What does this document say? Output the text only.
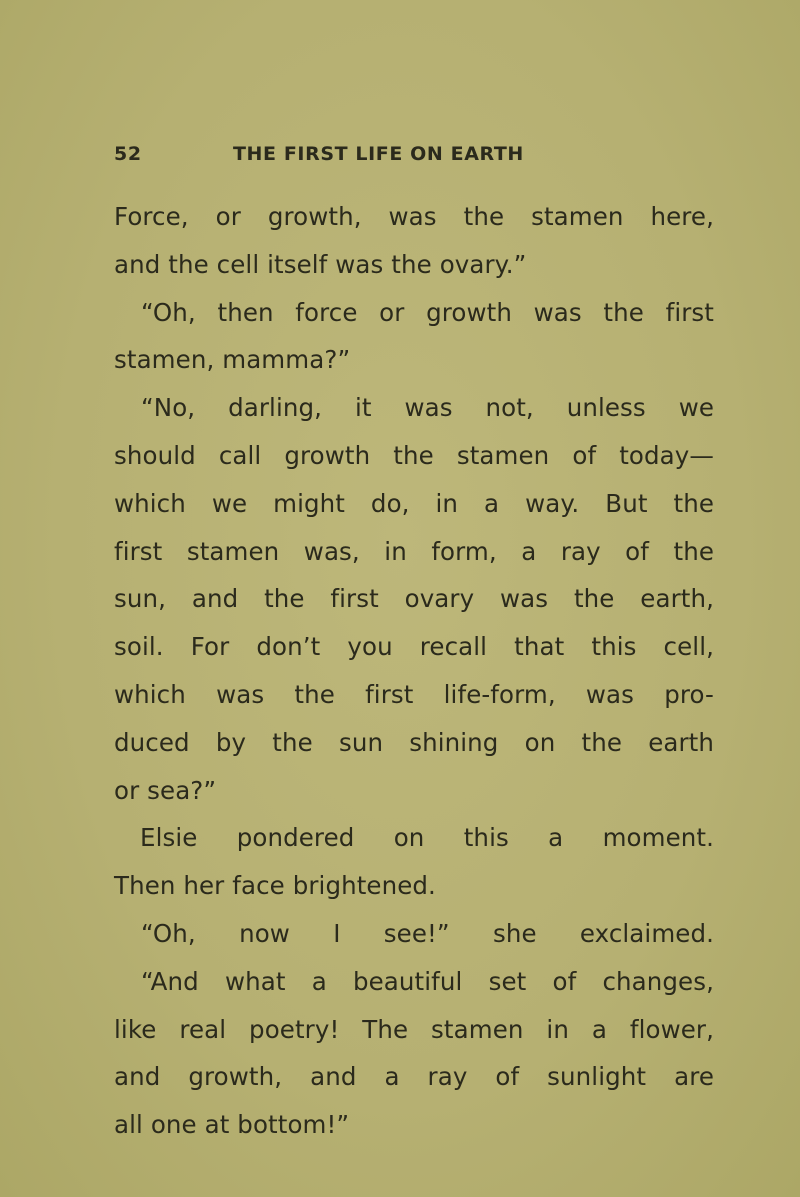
52	THE FIRST LIFE ON EARTH
Force, or growth, was the stamen here,
and the cell itself was the ovary.”
“Oh, then force or growth was the first
stamen, mamma?”
“No, darling, it was not, unless we
should call growth the stamen of today—
which we might do, in a way. But the
first stamen was, in form, a ray of the
sun, and the first ovary was the earth,
soil. For don’t you recall that this cell,
which was the first life-form, was pro-
duced by the sun shining on the earth
or sea?”
Elsie pondered on this a moment.
Then her face brightened.
“Oh, now I see!” she exclaimed.
“And what a beautiful set of changes,
like real poetry! The stamen in a flower,
and growth, and a ray of sunlight are
all one at bottom!”
